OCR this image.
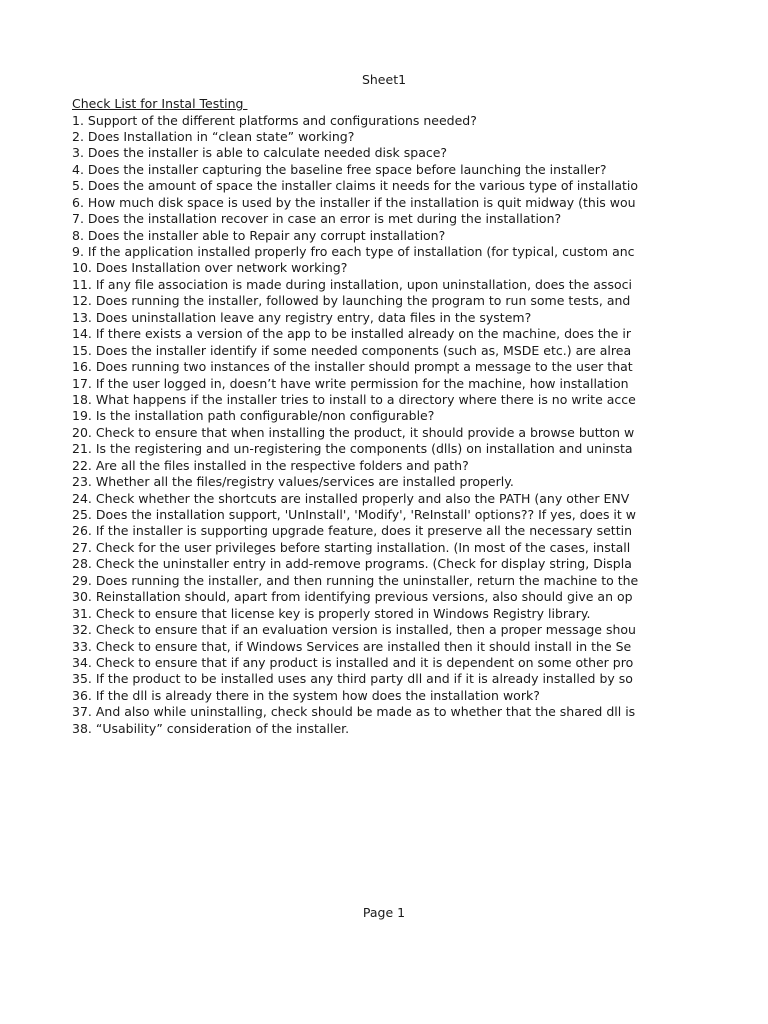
Sheet1
Check List for Instal Testing
1. Support of the different platforms and configurations needed?
2. Does Installation in “clean state” working?
3. Does the installer is able to calculate needed disk space?
4. Does the installer capturing the baseline free space before launching the installer?
5. Does the amount of space the installer claims it needs for the various type of installatio
6. How much disk space is used by the installer if the installation is quit midway (this wou
7. Does the installation recover in case an error is met during the installation?
8. Does the installer able to Repair any corrupt installation?
9. If the application installed properly fro each type of installation (for typical, custom anc
10. Does Installation over network working?
11. If any file association is made during installation, upon uninstallation, does the associ
12. Does running the installer, followed by launching the program to run some tests, and
13. Does uninstallation leave any registry entry, data files in the system?
14. If there exists a version of the app to be installed already on the machine, does the ir
15. Does the installer identify if some needed components (such as, MSDE etc.) are alrea
16. Does running two instances of the installer should prompt a message to the user that
17. If the user logged in, doesn’t have write permission for the machine, how installation
18. What happens if the installer tries to install to a directory where there is no write acce
19. Is the installation path configurable/non configurable?
20. Check to ensure that when installing the product, it should provide a browse button w
21. Is the registering and un-registering the components (dlls) on installation and uninsta
22. Are all the files installed in the respective folders and path?
23. Whether all the files/registry values/services are installed properly.
24. Check whether the shortcuts are installed properly and also the PATH (any other ENV
25. Does the installation support, 'UnInstall', 'Modify', 'ReInstall' options?? If yes, does it w
26. If the installer is supporting upgrade feature, does it preserve all the necessary settin
27. Check for the user privileges before starting installation. (In most of the cases, install
28. Check the uninstaller entry in add-remove programs. (Check for display string, Displa
29. Does running the installer, and then running the uninstaller, return the machine to the
30. Reinstallation should, apart from identifying previous versions, also should give an op
31. Check to ensure that license key is properly stored in Windows Registry library.
32. Check to ensure that if an evaluation version is installed, then a proper message shou
33. Check to ensure that, if Windows Services are installed then it should install in the Se
34. Check to ensure that if any product is installed and it is dependent on some other pro
35. If the product to be installed uses any third party dll and if it is already installed by so
36. If the dll is already there in the system how does the installation work?
37. And also while uninstalling, check should be made as to whether that the shared dll is
38. “Usability” consideration of the installer.
Page 1
